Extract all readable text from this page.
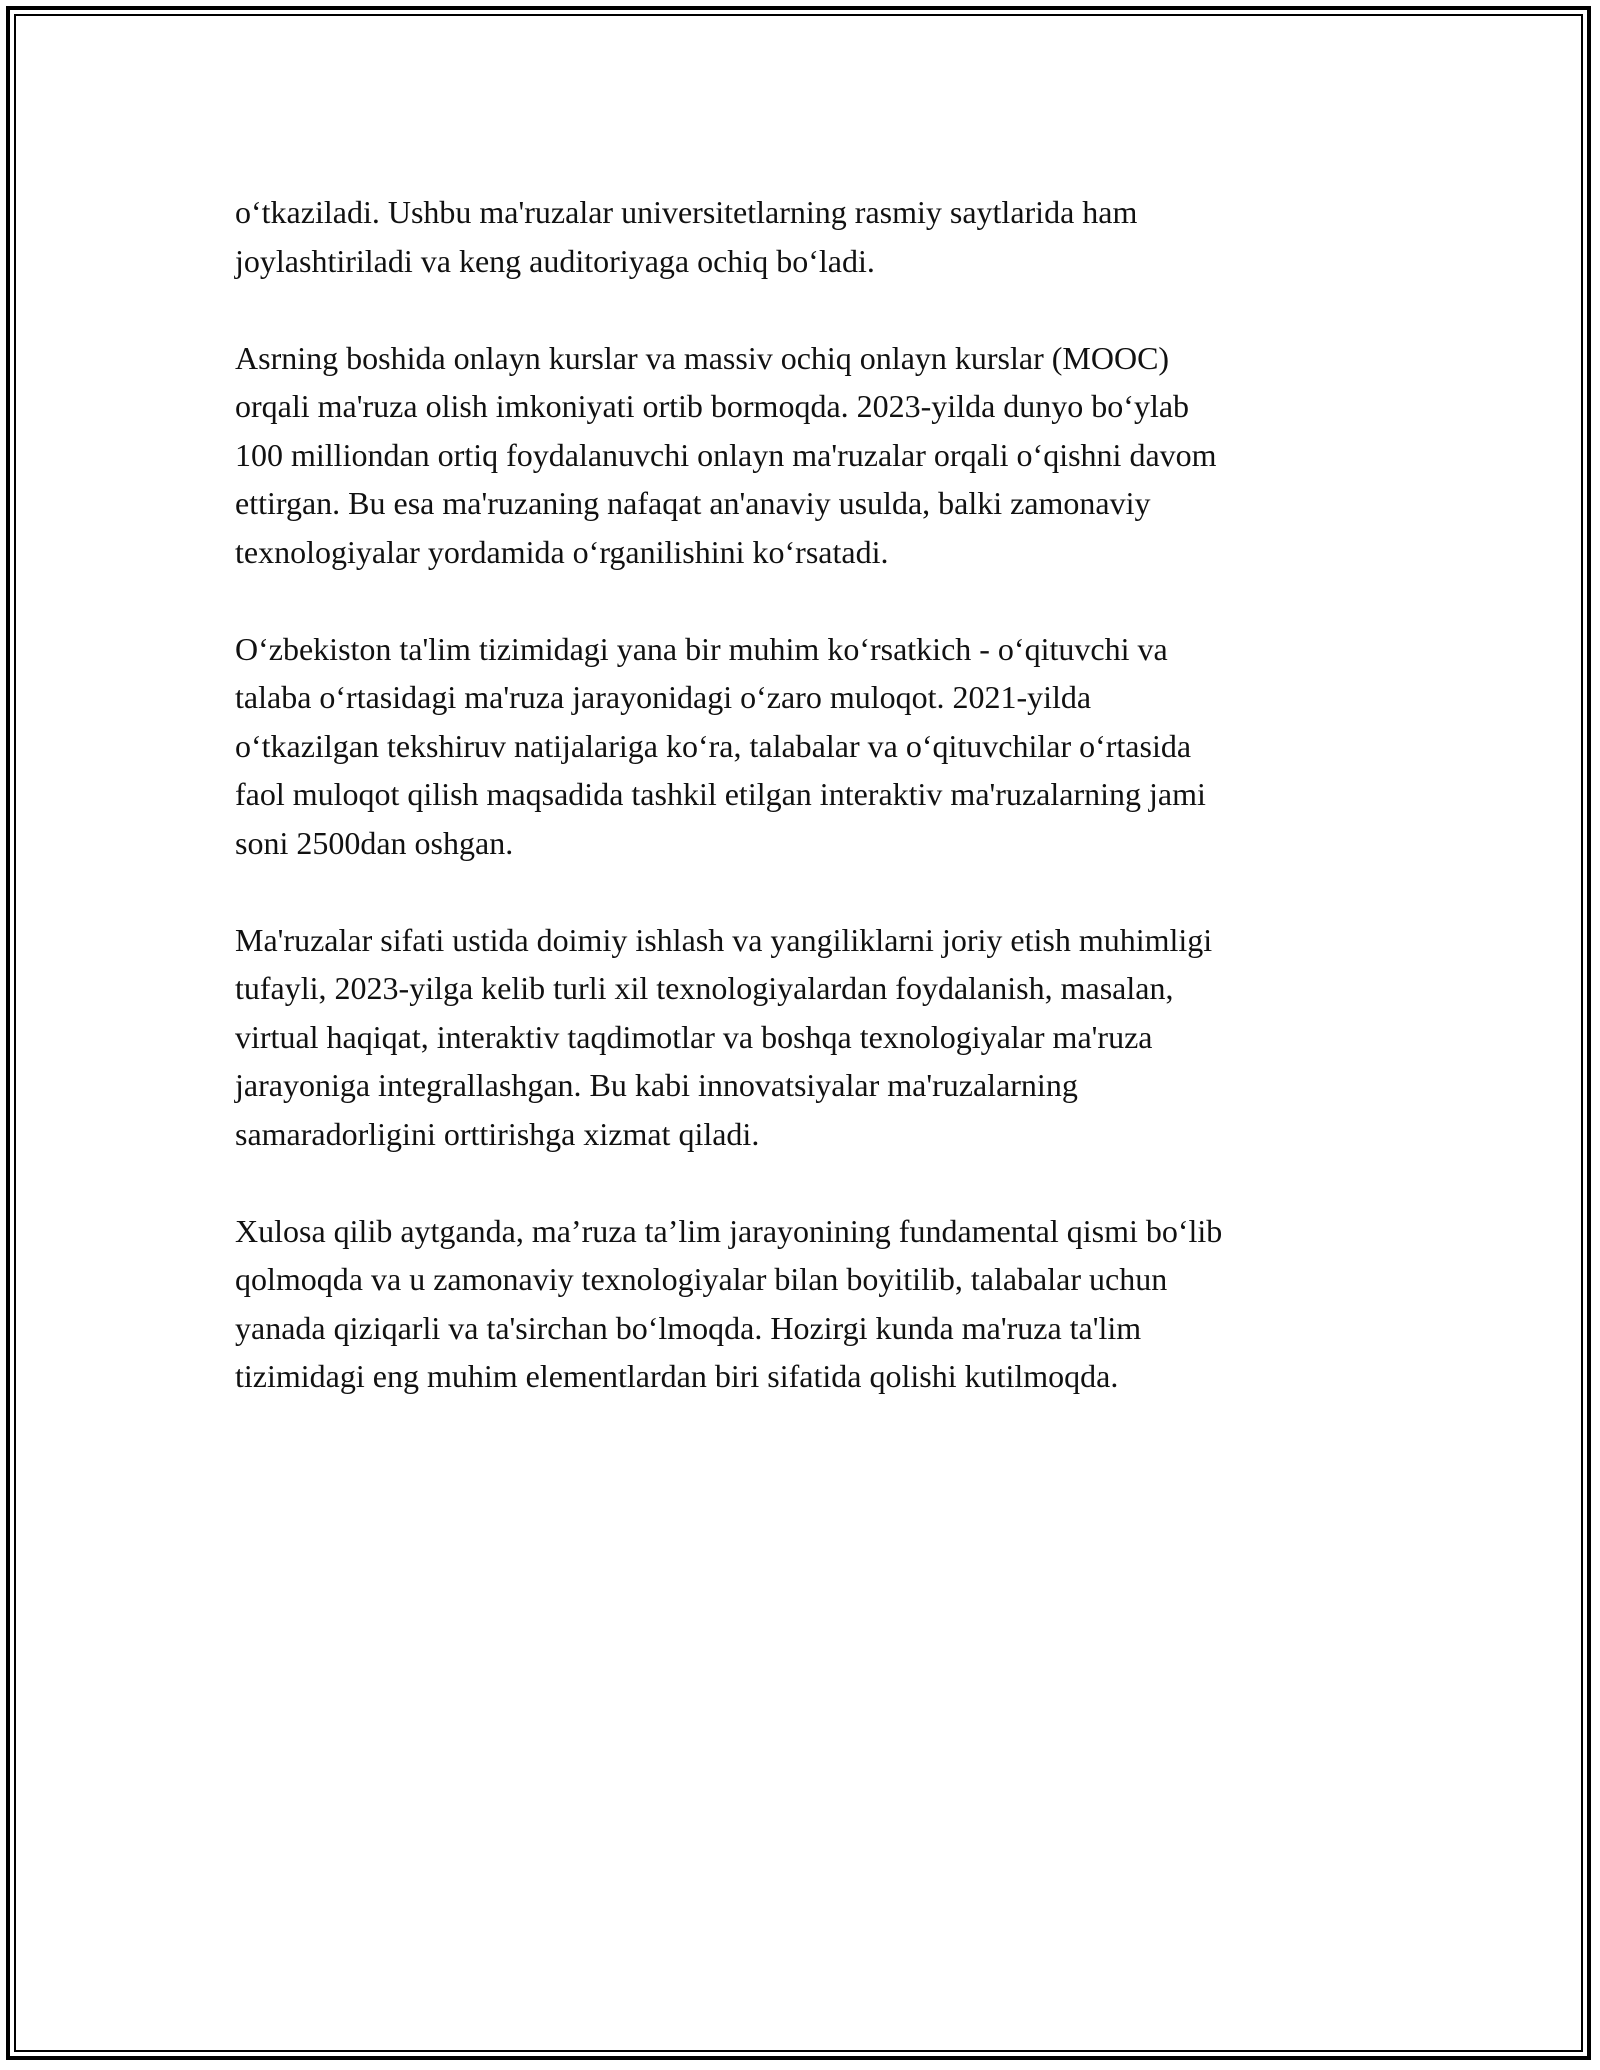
o‘tkaziladi. Ushbu ma'ruzalar universitetlarning rasmiy saytlarida ham
joylashtiriladi va keng auditoriyaga ochiq bo‘ladi.

Asrning boshida onlayn kurslar va massiv ochiq onlayn kurslar (MOOC)
orqali ma'ruza olish imkoniyati ortib bormoqda. 2023-yilda dunyo bo‘ylab
100 milliondan ortiq foydalanuvchi onlayn ma'ruzalar orqali o‘qishni davom
ettirgan. Bu esa ma'ruzaning nafaqat an'anaviy usulda, balki zamonaviy
texnologiyalar yordamida o‘rganilishini ko‘rsatadi.

O‘zbekiston ta'lim tizimidagi yana bir muhim ko‘rsatkich - o‘qituvchi va
talaba o‘rtasidagi ma'ruza jarayonidagi o‘zaro muloqot. 2021-yilda
o‘tkazilgan tekshiruv natijalariga ko‘ra, talabalar va o‘qituvchilar o‘rtasida
faol muloqot qilish maqsadida tashkil etilgan interaktiv ma'ruzalarning jami
soni 2500dan oshgan.

Ma'ruzalar sifati ustida doimiy ishlash va yangiliklarni joriy etish muhimligi
tufayli, 2023-yilga kelib turli xil texnologiyalardan foydalanish, masalan,
virtual haqiqat, interaktiv taqdimotlar va boshqa texnologiyalar ma'ruza
jarayoniga integrallashgan. Bu kabi innovatsiyalar ma'ruzalarning
samaradorligini orttirishga xizmat qiladi.

Xulosa qilib aytganda, ma’ruza ta’lim jarayonining fundamental qismi bo‘lib
qolmoqda va u zamonaviy texnologiyalar bilan boyitilib, talabalar uchun
yanada qiziqarli va ta'sirchan bo‘lmoqda. Hozirgi kunda ma'ruza ta'lim
tizimidagi eng muhim elementlardan biri sifatida qolishi kutilmoqda.
